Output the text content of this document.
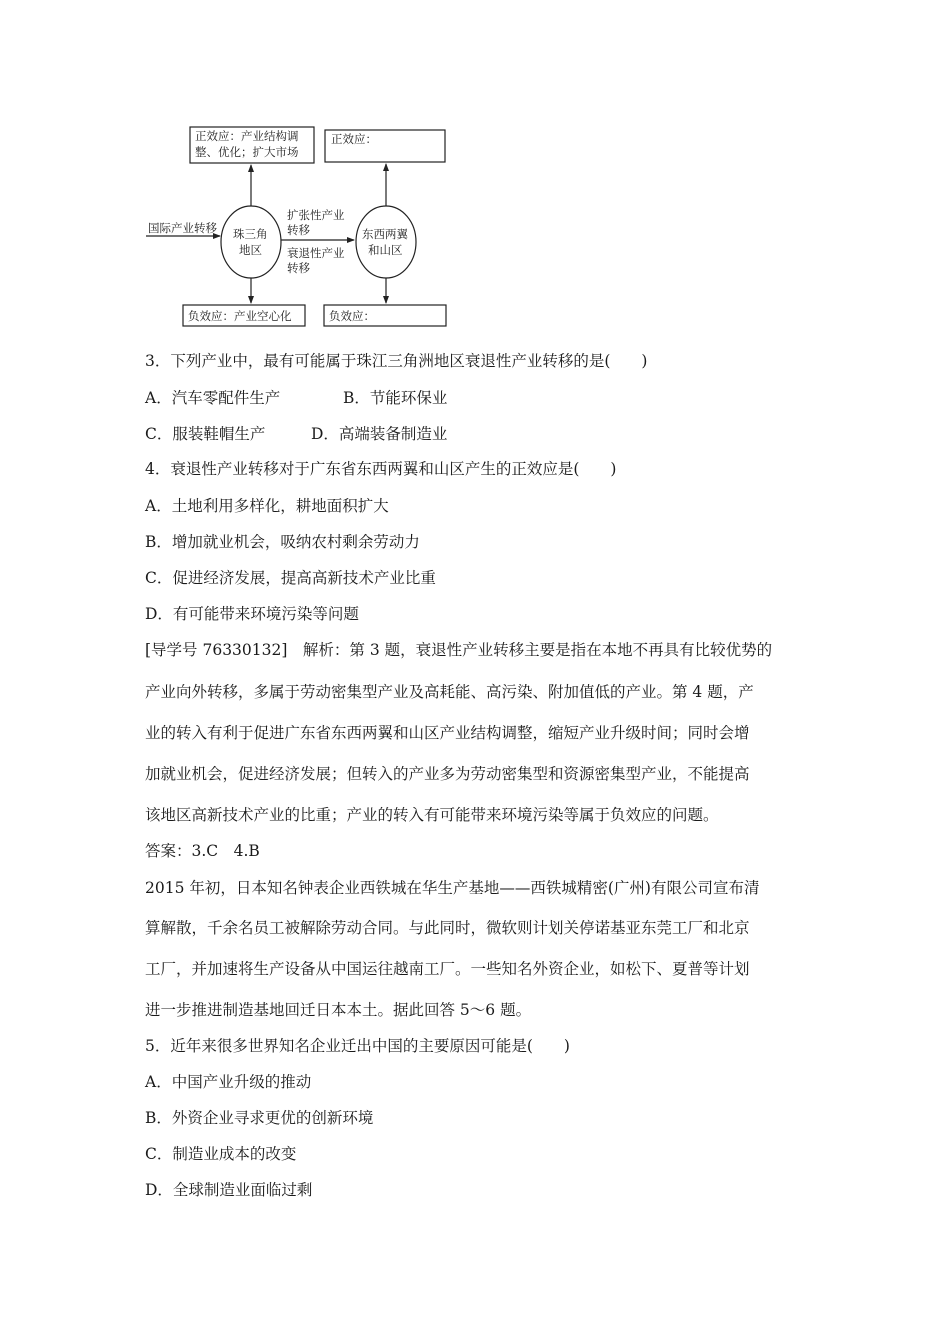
正效应：产业结构调
整、优化；扩大市场
正效应：
负效应：产业空心化	负效应：
国际产业转移 珠三角
地区
东西两翼
和山区
扩张性产业
转移
衰退性产业
转移
3．下列产业中，最有可能属于珠江三角洲地区衰退性产业转移的是(　　)
A．汽车零配件生产	B．节能环保业
C．服装鞋帽生产	D．高端装备制造业
4．衰退性产业转移对于广东省东西两翼和山区产生的正效应是(　　)
A．土地利用多样化，耕地面积扩大
B．增加就业机会，吸纳农村剩余劳动力
C．促进经济发展，提高高新技术产业比重
D．有可能带来环境污染等问题
[导学号 76330132]　解析：第 3 题，衰退性产业转移主要是指在本地不再具有比较优势的
产业向外转移，多属于劳动密集型产业及高耗能、高污染、附加值低的产业。第 4 题，产
业的转入有利于促进广东省东西两翼和山区产业结构调整，缩短产业升级时间；同时会增
加就业机会，促进经济发展；但转入的产业多为劳动密集型和资源密集型产业，不能提高
该地区高新技术产业的比重；产业的转入有可能带来环境污染等属于负效应的问题。
答案：3.C　4.B
2015 年初，日本知名钟表企业西铁城在华生产基地——西铁城精密(广州)有限公司宣布清
算解散，千余名员工被解除劳动合同。与此同时，微软则计划关停诺基亚东莞工厂和北京
工厂，并加速将生产设备从中国运往越南工厂。一些知名外资企业，如松下、夏普等计划
进一步推进制造基地回迁日本本土。据此回答 5～6 题。
5．近年来很多世界知名企业迁出中国的主要原因可能是(　　)
A．中国产业升级的推动
B．外资企业寻求更优的创新环境
C．制造业成本的改变
D．全球制造业面临过剩
